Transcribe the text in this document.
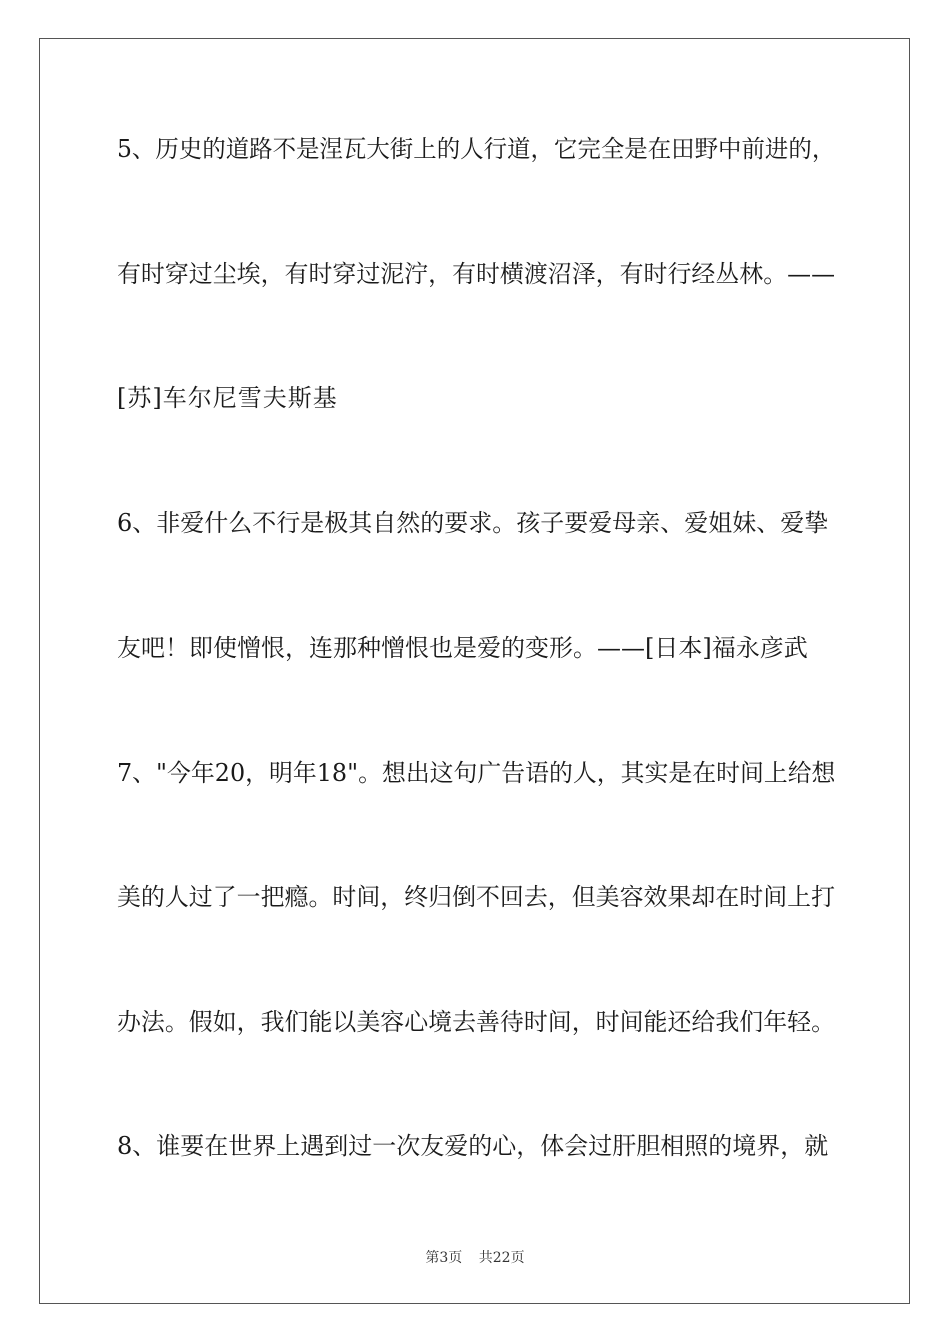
5、历史的道路不是涅瓦大街上的人行道，它完全是在田野中前进的，
有时穿过尘埃，有时穿过泥泞，有时横渡沼泽，有时行经丛林。——
[苏]车尔尼雪夫斯基
6、非爱什么不行是极其自然的要求。孩子要爱母亲、爱姐妹、爱挚
友吧！即使憎恨，连那种憎恨也是爱的变形。——[日本]福永彦武
7、"今年20，明年18"。想出这句广告语的人，其实是在时间上给想
美的人过了一把瘾。时间，终归倒不回去，但美容效果却在时间上打
办法。假如，我们能以美容心境去善待时间，时间能还给我们年轻。
8、谁要在世界上遇到过一次友爱的心，体会过肝胆相照的境界，就
第3页 共22页
